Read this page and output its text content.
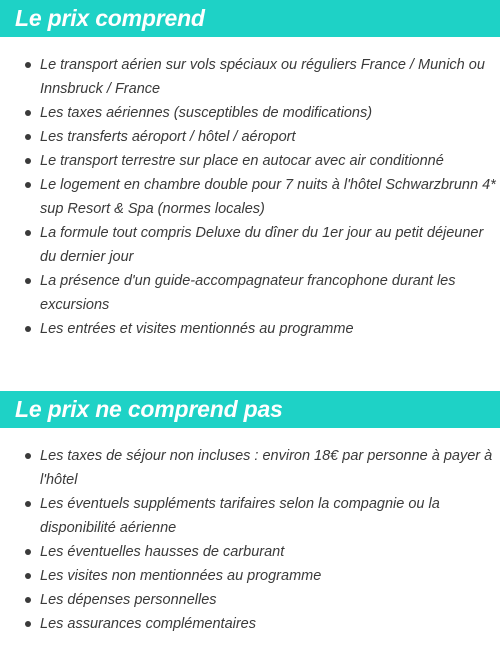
Le prix comprend
Le transport aérien sur vols spéciaux ou réguliers France / Munich ou Innsbruck / France
Les taxes aériennes (susceptibles de modifications)
Les transferts aéroport / hôtel / aéroport
Le transport terrestre sur place en autocar avec air conditionné
Le logement en chambre double pour 7 nuits à l'hôtel Schwarzbrunn 4* sup Resort & Spa (normes locales)
La formule tout compris Deluxe du dîner du 1er jour au petit déjeuner du dernier jour
La présence d'un guide-accompagnateur francophone durant les excursions
Les entrées et visites mentionnés au programme
Le prix ne comprend pas
Les taxes de séjour non incluses : environ 18€ par personne à payer à l'hôtel
Les éventuels suppléments tarifaires selon la compagnie ou la disponibilité aérienne
Les éventuelles hausses de carburant
Les visites non mentionnées au programme
Les dépenses personnelles
Les assurances complémentaires
